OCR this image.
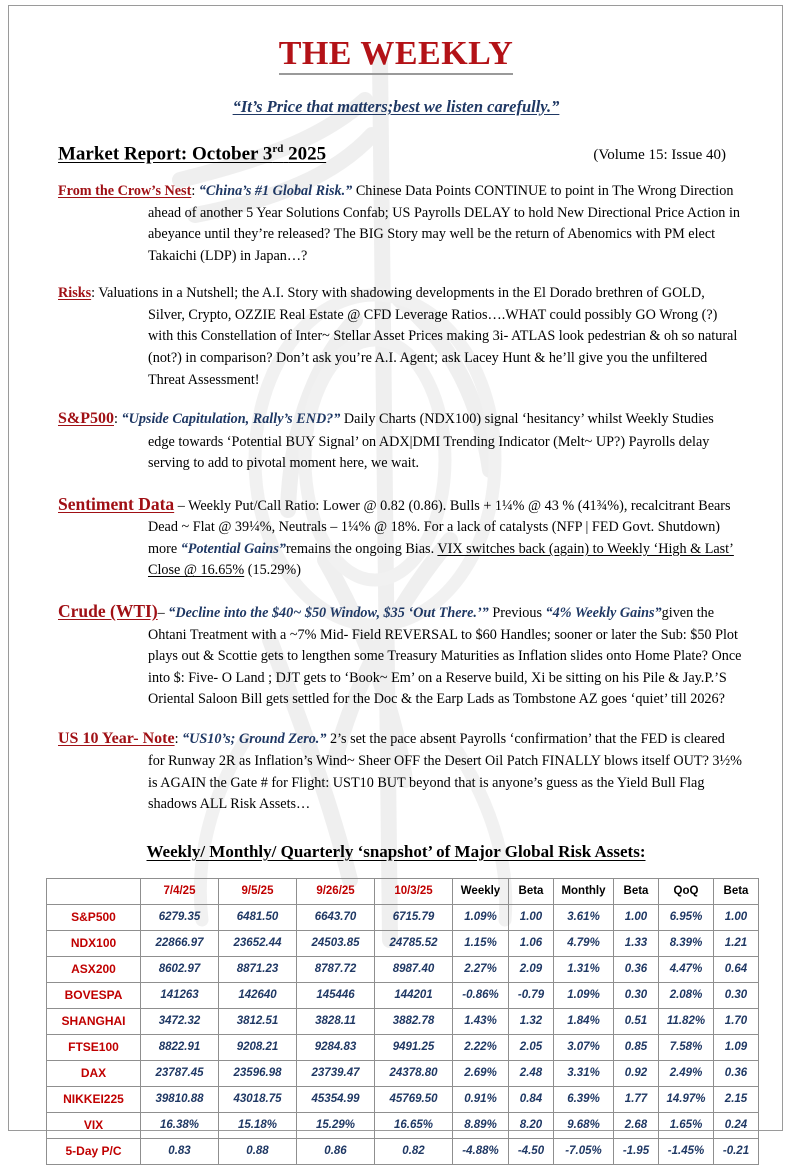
THE WEEKLY
“It’s Price that matters;best we listen carefully.”
Market Report: October 3rd 2025	(Volume 15: Issue 40)
From the Crow’s Nest: “China’s #1 Global Risk.” Chinese Data Points CONTINUE to point in The Wrong Direction ahead of another 5 Year Solutions Confab; US Payrolls DELAY to hold New Directional Price Action in abeyance until they’re released? The BIG Story may well be the return of Abenomics with PM elect Takaichi (LDP) in Japan…?
Risks: Valuations in a Nutshell; the A.I. Story with shadowing developments in the El Dorado brethren of GOLD, Silver, Crypto, OZZIE Real Estate @ CFD Leverage Ratios….WHAT could possibly GO Wrong (?) with this Constellation of Inter~ Stellar Asset Prices making 3i- ATLAS look pedestrian & oh so natural (not?) in comparison? Don’t ask you’re A.I. Agent; ask Lacey Hunt & he’ll give you the unfiltered Threat Assessment!
S&P500: “Upside Capitulation, Rally’s END?” Daily Charts (NDX100) signal ‘hesitancy’ whilst Weekly Studies edge towards ‘Potential BUY Signal’ on ADX|DMI Trending Indicator (Melt~ UP?) Payrolls delay serving to add to pivotal moment here, we wait.
Sentiment Data – Weekly Put/Call Ratio: Lower @ 0.82 (0.86). Bulls + 1¼% @ 43 % (41¾%), recalcitrant Bears Dead ~ Flat @ 39¼%, Neutrals – 1¼% @ 18%. For a lack of catalysts (NFP | FED Govt. Shutdown) more “Potential Gains”remains the ongoing Bias. VIX switches back (again) to Weekly ‘High & Last’ Close @ 16.65% (15.29%)
Crude (WTI)– “Decline into the $40~ $50 Window, $35 ‘Out There.’” Previous “4% Weekly Gains”given the Ohtani Treatment with a ~7% Mid- Field REVERSAL to $60 Handles; sooner or later the Sub: $50 Plot plays out & Scottie gets to lengthen some Treasury Maturities as Inflation slides onto Home Plate? Once into $: Five- O Land ; DJT gets to ‘Book~ Em’ on a Reserve build, Xi be sitting on his Pile & Jay.P.’S Oriental Saloon Bill gets settled for the Doc & the Earp Lads as Tombstone AZ goes ‘quiet’ till 2026?
US 10 Year- Note: “US10’s; Ground Zero.” 2’s set the pace absent Payrolls ‘confirmation’ that the FED is cleared for Runway 2R as Inflation’s Wind~ Sheer OFF the Desert Oil Patch FINALLY blows itself OUT? 3½% is AGAIN the Gate # for Flight: UST10 BUT beyond that is anyone’s guess as the Yield Bull Flag shadows ALL Risk Assets…
Weekly/ Monthly/ Quarterly ‘snapshot’ of Major Global Risk Assets:
	7/4/25	9/5/25	9/26/25	10/3/25	Weekly	Beta	Monthly	Beta	QoQ	Beta
S&P500	6279.35	6481.50	6643.70	6715.79	1.09%	1.00	3.61%	1.00	6.95%	1.00
NDX100	22866.97	23652.44	24503.85	24785.52	1.15%	1.06	4.79%	1.33	8.39%	1.21
ASX200	8602.97	8871.23	8787.72	8987.40	2.27%	2.09	1.31%	0.36	4.47%	0.64
BOVESPA	141263	142640	145446	144201	-0.86%	-0.79	1.09%	0.30	2.08%	0.30
SHANGHAI	3472.32	3812.51	3828.11	3882.78	1.43%	1.32	1.84%	0.51	11.82%	1.70
FTSE100	8822.91	9208.21	9284.83	9491.25	2.22%	2.05	3.07%	0.85	7.58%	1.09
DAX	23787.45	23596.98	23739.47	24378.80	2.69%	2.48	3.31%	0.92	2.49%	0.36
NIKKEI225	39810.88	43018.75	45354.99	45769.50	0.91%	0.84	6.39%	1.77	14.97%	2.15
VIX	16.38%	15.18%	15.29%	16.65%	8.89%	8.20	9.68%	2.68	1.65%	0.24
5-Day P/C	0.83	0.88	0.86	0.82	-4.88%	-4.50	-7.05%	-1.95	-1.45%	-0.21
